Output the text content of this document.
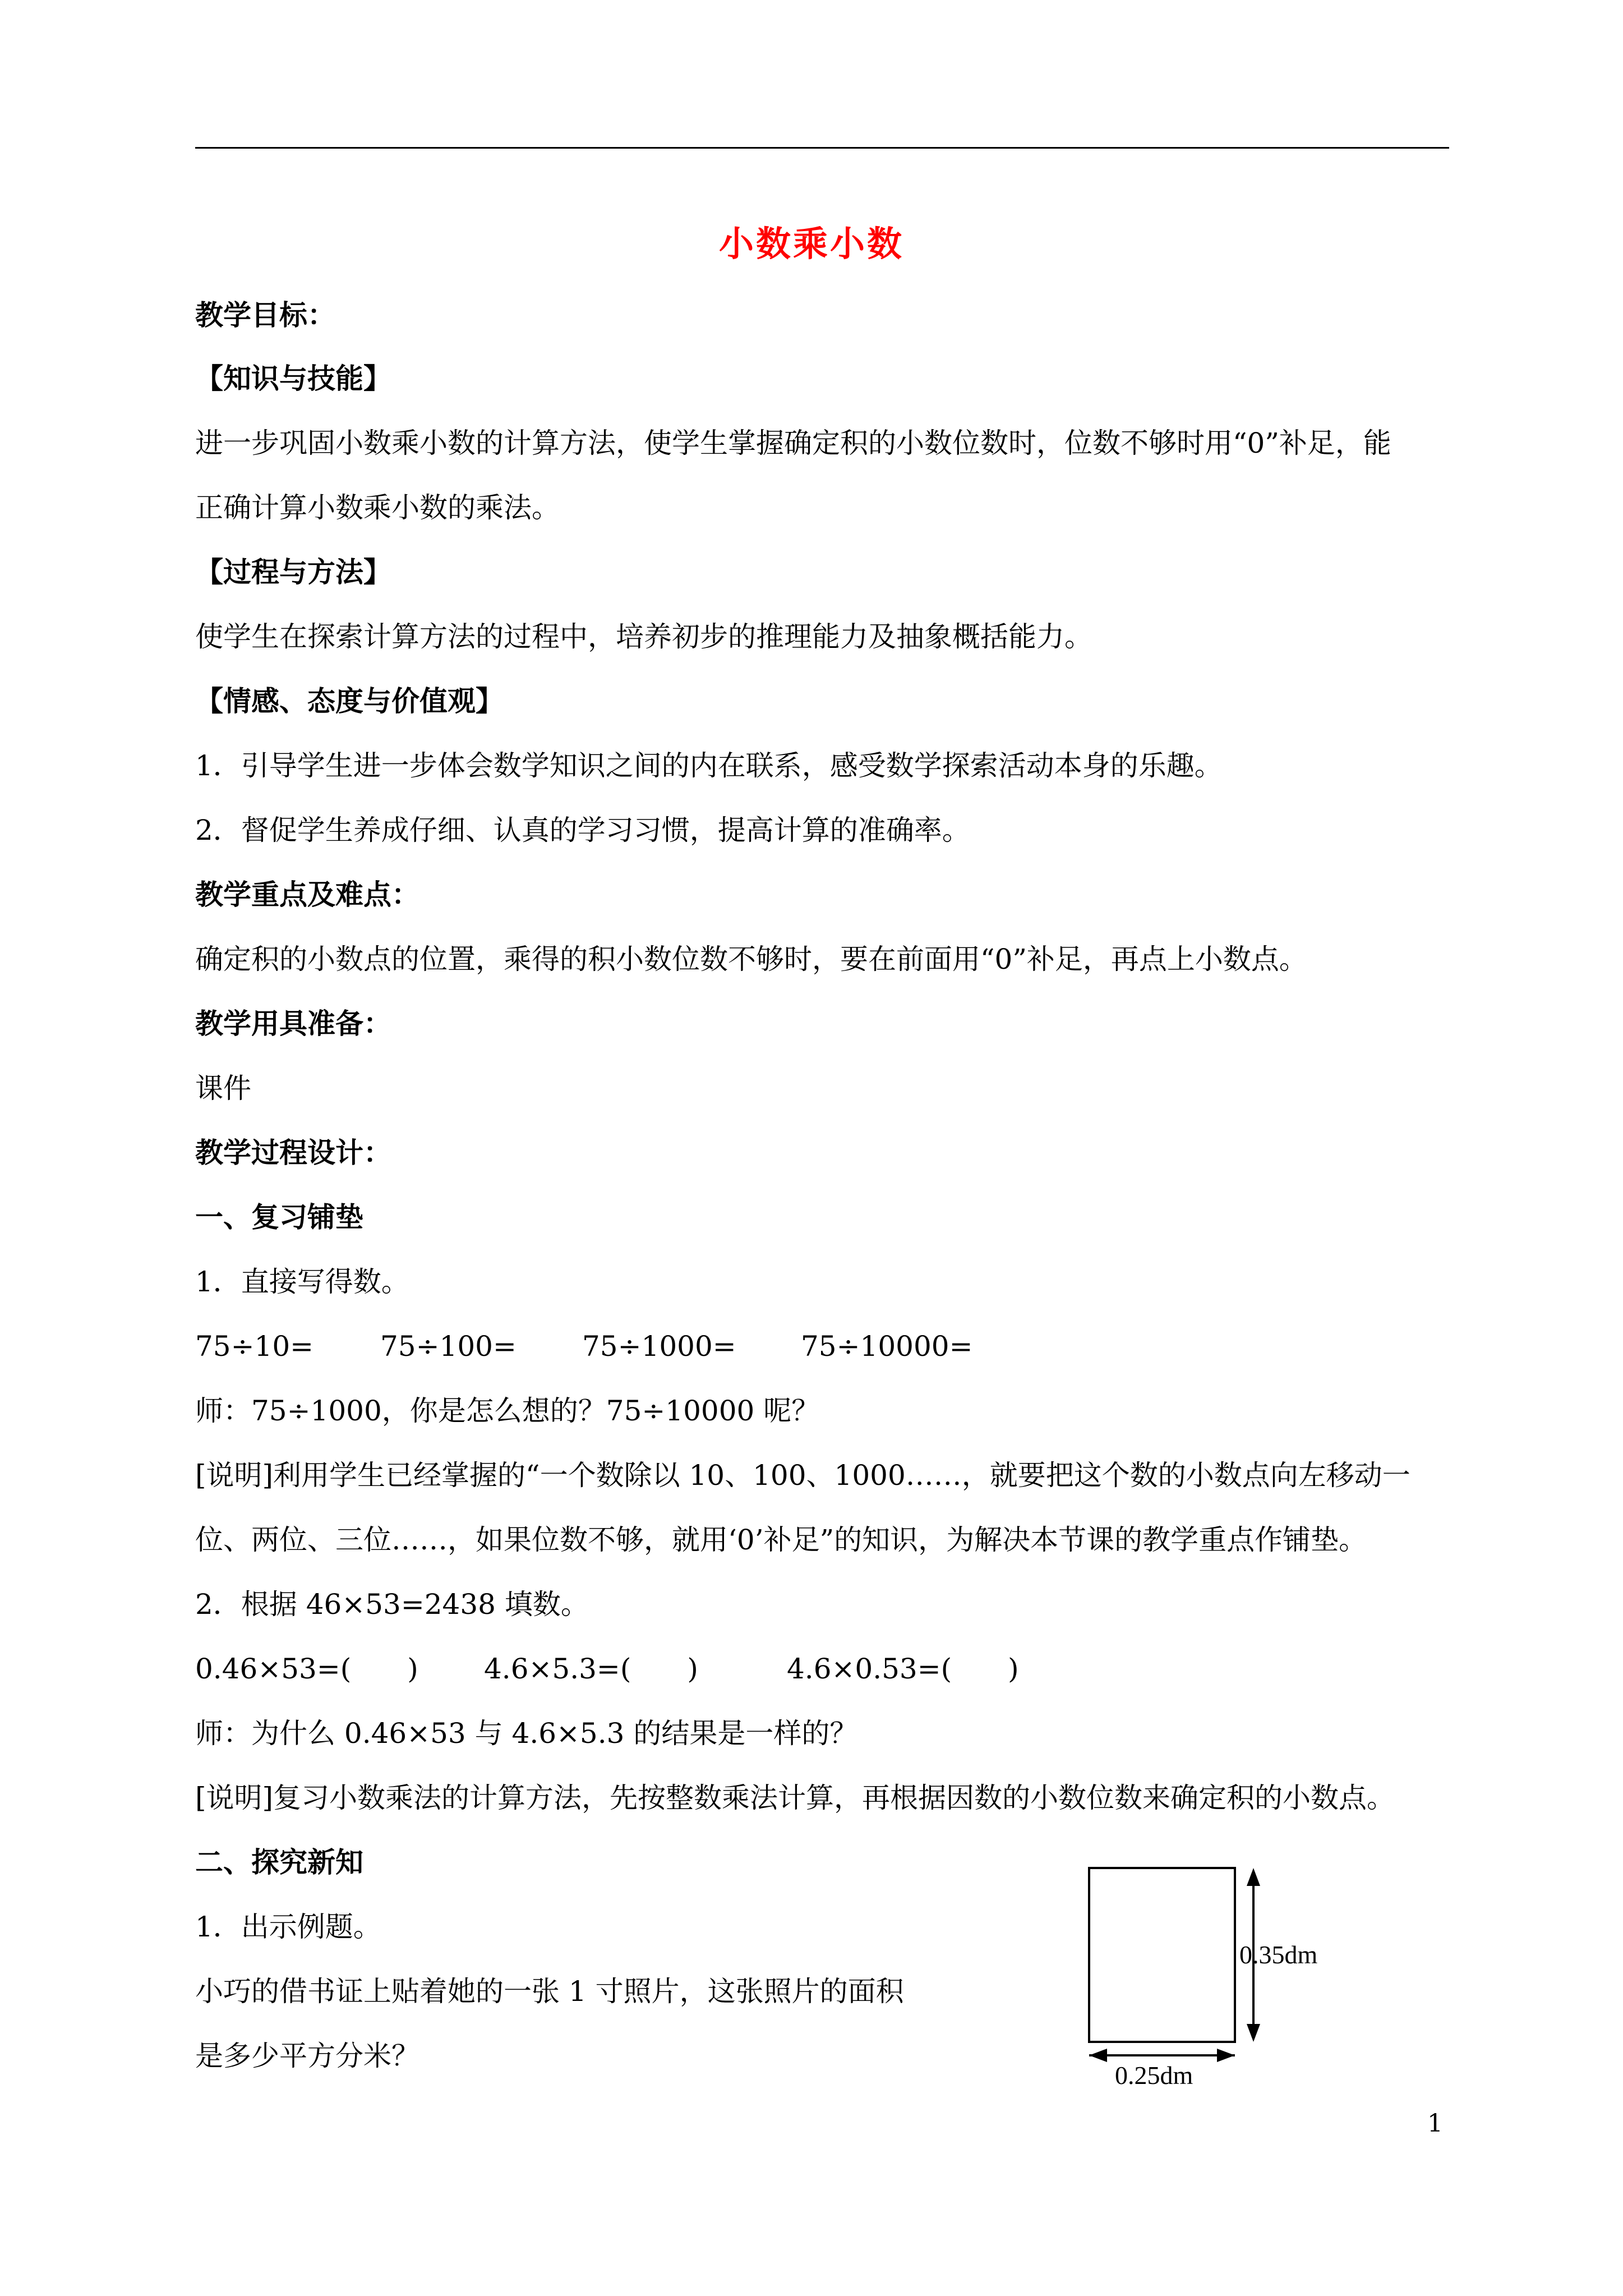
小数乘小数
教学目标：
【知识与技能】
进一步巩固小数乘小数的计算方法，使学生掌握确定积的小数位数时，位数不够时用“0”补足，能
正确计算小数乘小数的乘法。
【过程与方法】
使学生在探索计算方法的过程中，培养初步的推理能力及抽象概括能力。
【情感、态度与价值观】
1．引导学生进一步体会数学知识之间的内在联系，感受数学探索活动本身的乐趣。
2．督促学生养成仔细、认真的学习习惯，提高计算的准确率。
教学重点及难点：
确定积的小数点的位置，乘得的积小数位数不够时，要在前面用“0”补足，再点上小数点。
教学用具准备：
课件
教学过程设计：
一、复习铺垫
1．直接写得数。
75÷10=	75÷100=	75÷1000=	75÷10000=
师：75÷1000，你是怎么想的？75÷10000 呢？
[说明]利用学生已经掌握的“一个数除以 10、100、1000……，就要把这个数的小数点向左移动一
位、两位、三位……，如果位数不够，就用‘0’补足”的知识，为解决本节课的教学重点作铺垫。
2．根据 46×53=2438 填数。
0.46×53=(　　)	4.6×5.3=(　　)	4.6×0.53=(　　)
师：为什么 0.46×53 与 4.6×5.3 的结果是一样的？
[说明]复习小数乘法的计算方法，先按整数乘法计算，再根据因数的小数位数来确定积的小数点。
二、探究新知
1．出示例题。
小巧的借书证上贴着她的一张 1 寸照片，这张照片的面积
是多少平方分米？
0.35dm
0.25dm
1
